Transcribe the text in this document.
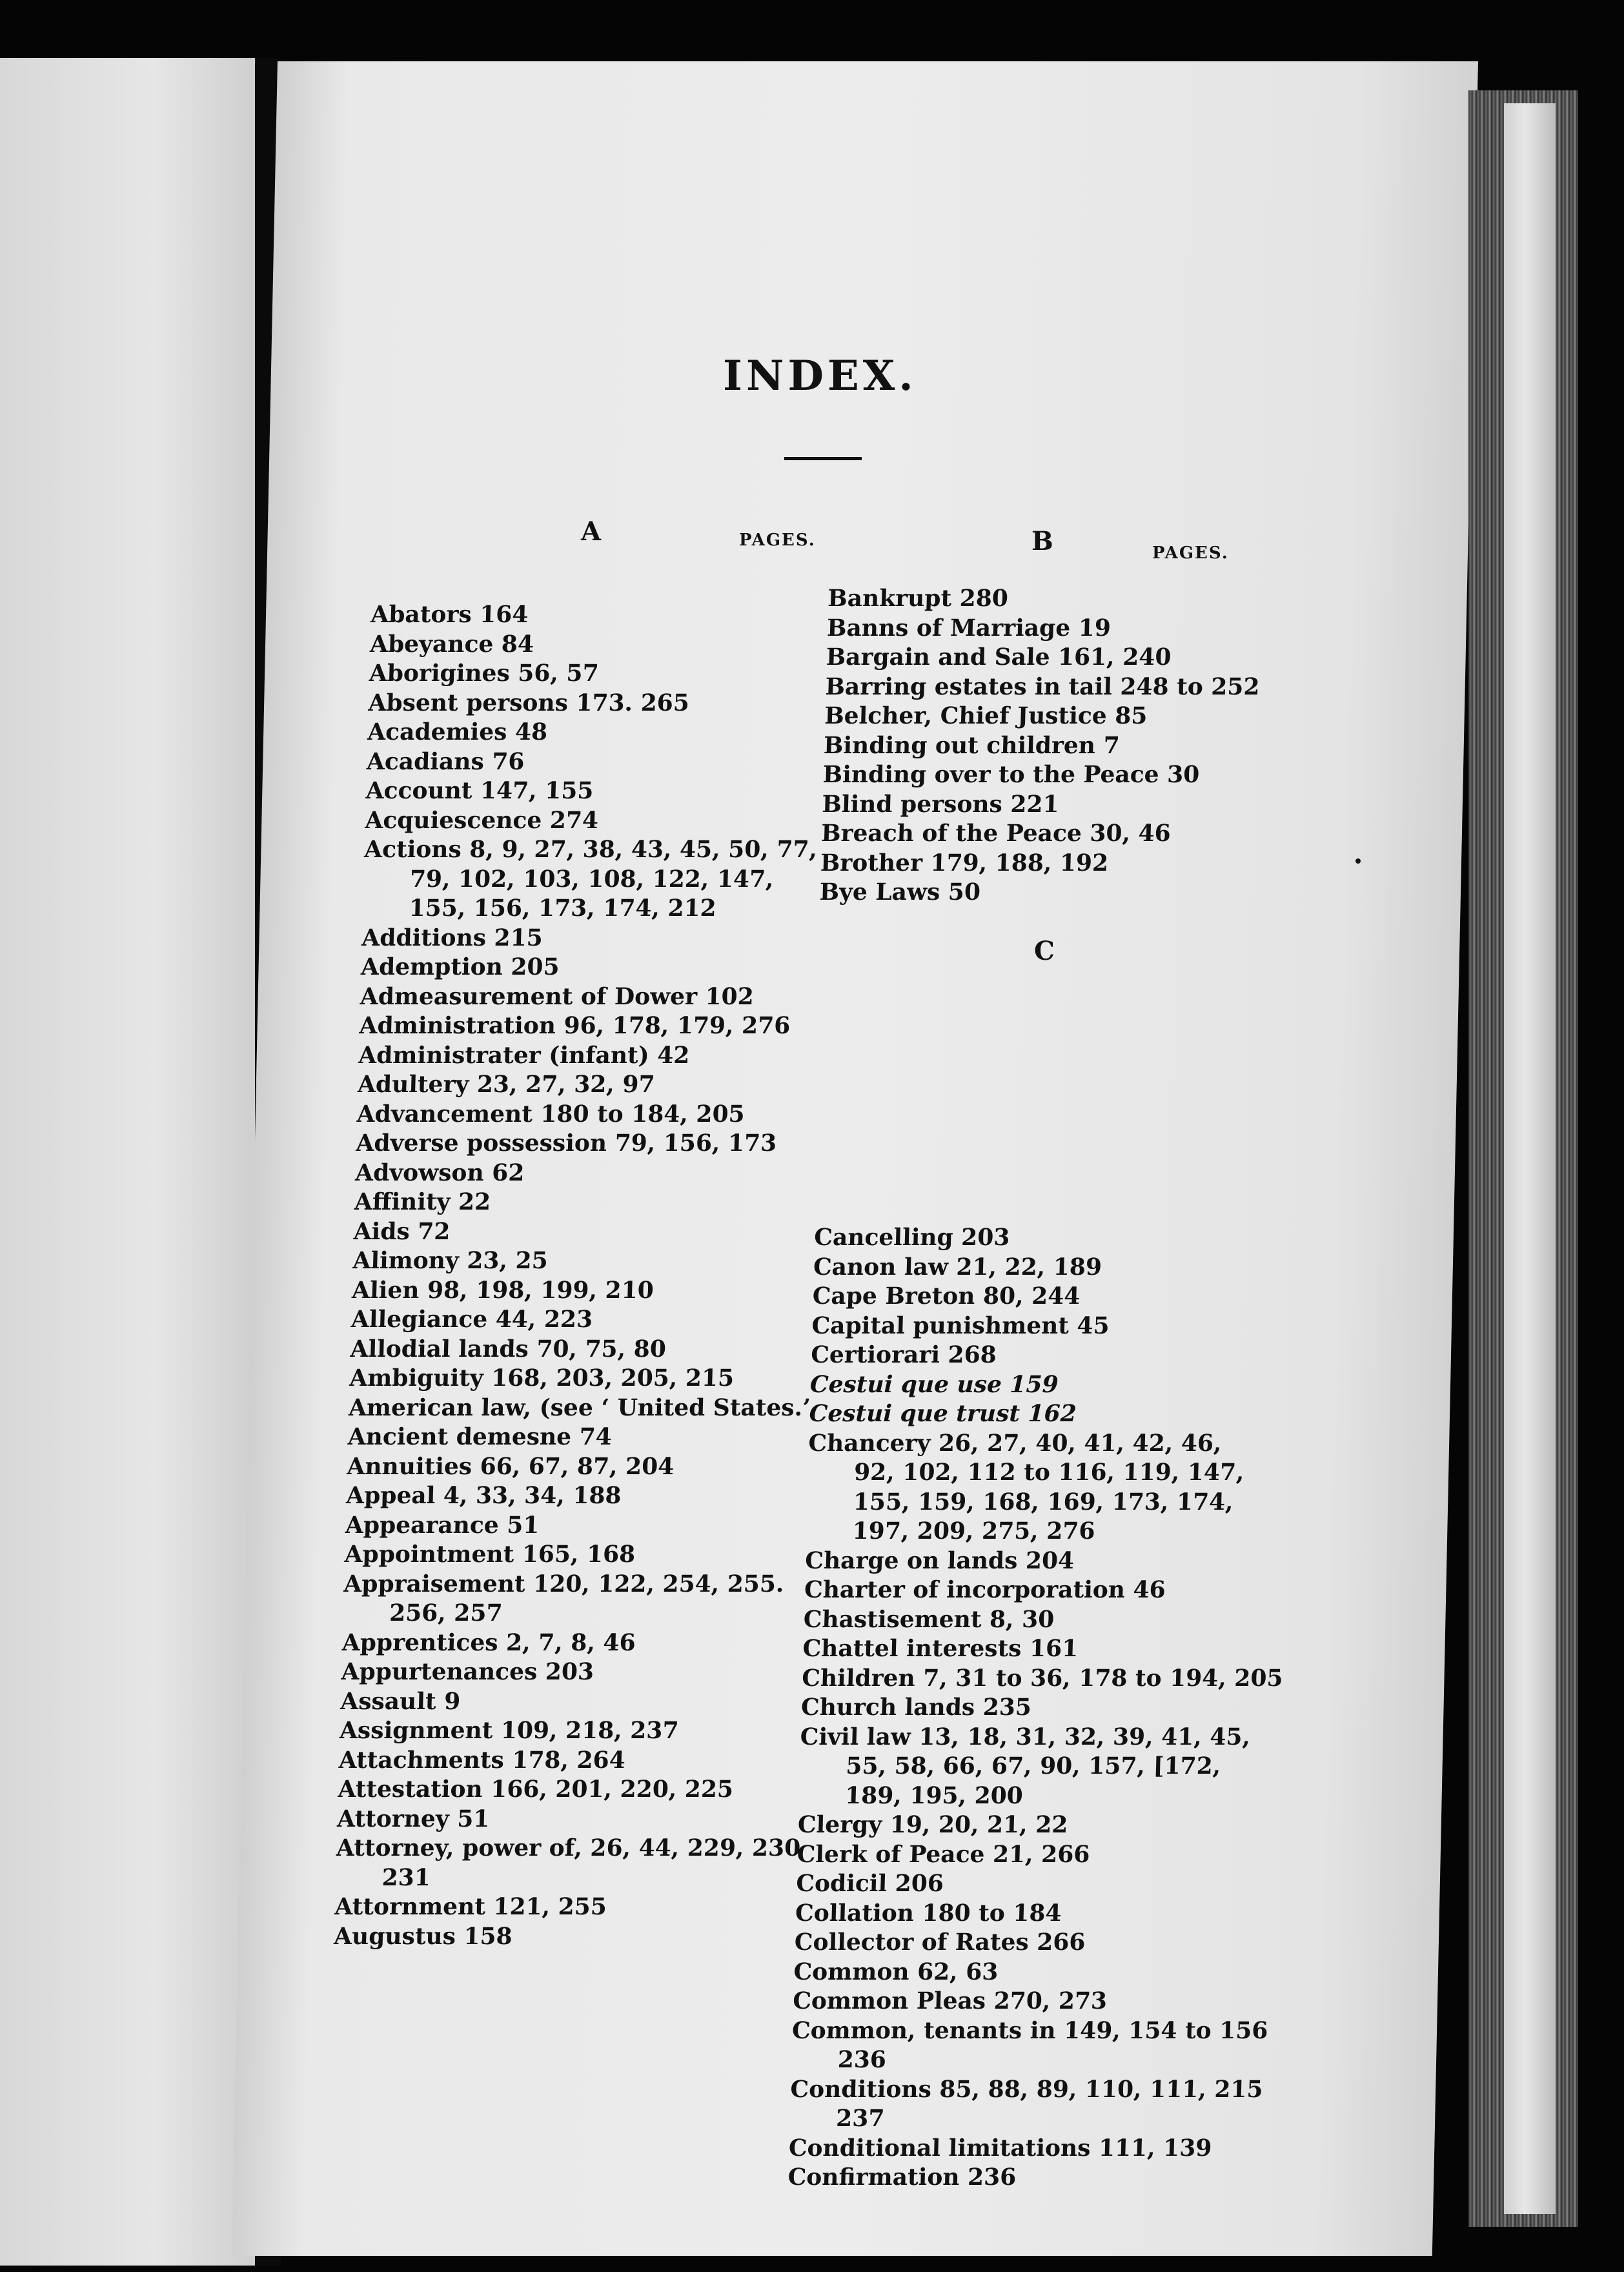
INDEX.
A	PAGES.	B	PAGES.
C
Abators 164
Abeyance 84
Aborigines 56, 57
Absent persons 173. 265
Academies 48
Acadians 76
Account 147, 155
Acquiescence 274
Actions 8, 9, 27, 38, 43, 45, 50, 77,
79, 102, 103, 108, 122, 147,
155, 156, 173, 174, 212
Additions 215
Ademption 205
Admeasurement of Dower 102
Administration 96, 178, 179, 276
Administrater (infant) 42
Adultery 23, 27, 32, 97
Advancement 180 to 184, 205
Adverse possession 79, 156, 173
Advowson 62
Affinity 22
Aids 72
Alimony 23, 25
Alien 98, 198, 199, 210
Allegiance 44, 223
Allodial lands 70, 75, 80
Ambiguity 168, 203, 205, 215
American law, (see ‘ United States.’
Ancient demesne 74
Annuities 66, 67, 87, 204
Appeal 4, 33, 34, 188
Appearance 51
Appointment 165, 168
Appraisement 120, 122, 254, 255.
256, 257
Apprentices 2, 7, 8, 46
Appurtenances 203
Assault 9
Assignment 109, 218, 237
Attachments 178, 264
Attestation 166, 201, 220, 225
Attorney 51
Attorney, power of, 26, 44, 229, 230
231
Attornment 121, 255
Augustus 158
Bankrupt 280
Banns of Marriage 19
Bargain and Sale 161, 240
Barring estates in tail 248 to 252
Belcher, Chief Justice 85
Binding out children 7
Binding over to the Peace 30
Blind persons 221
Breach of the Peace 30, 46
Brother 179, 188, 192
Bye Laws 50
Cancelling 203
Canon law 21, 22, 189
Cape Breton 80, 244
Capital punishment 45
Certiorari 268
Cestui que use 159
Cestui que trust 162
Chancery 26, 27, 40, 41, 42, 46,
92, 102, 112 to 116, 119, 147,
155, 159, 168, 169, 173, 174,
197, 209, 275, 276
Charge on lands 204
Charter of incorporation 46
Chastisement 8, 30
Chattel interests 161
Children 7, 31 to 36, 178 to 194, 205
Church lands 235
Civil law 13, 18, 31, 32, 39, 41, 45,
55, 58, 66, 67, 90, 157, [172,
189, 195, 200
Clergy 19, 20, 21, 22
Clerk of Peace 21, 266
Codicil 206
Collation 180 to 184
Collector of Rates 266
Common 62, 63
Common Pleas 270, 273
Common, tenants in 149, 154 to 156
236
Conditions 85, 88, 89, 110, 111, 215
237
Conditional limitations 111, 139
Confirmation 236
